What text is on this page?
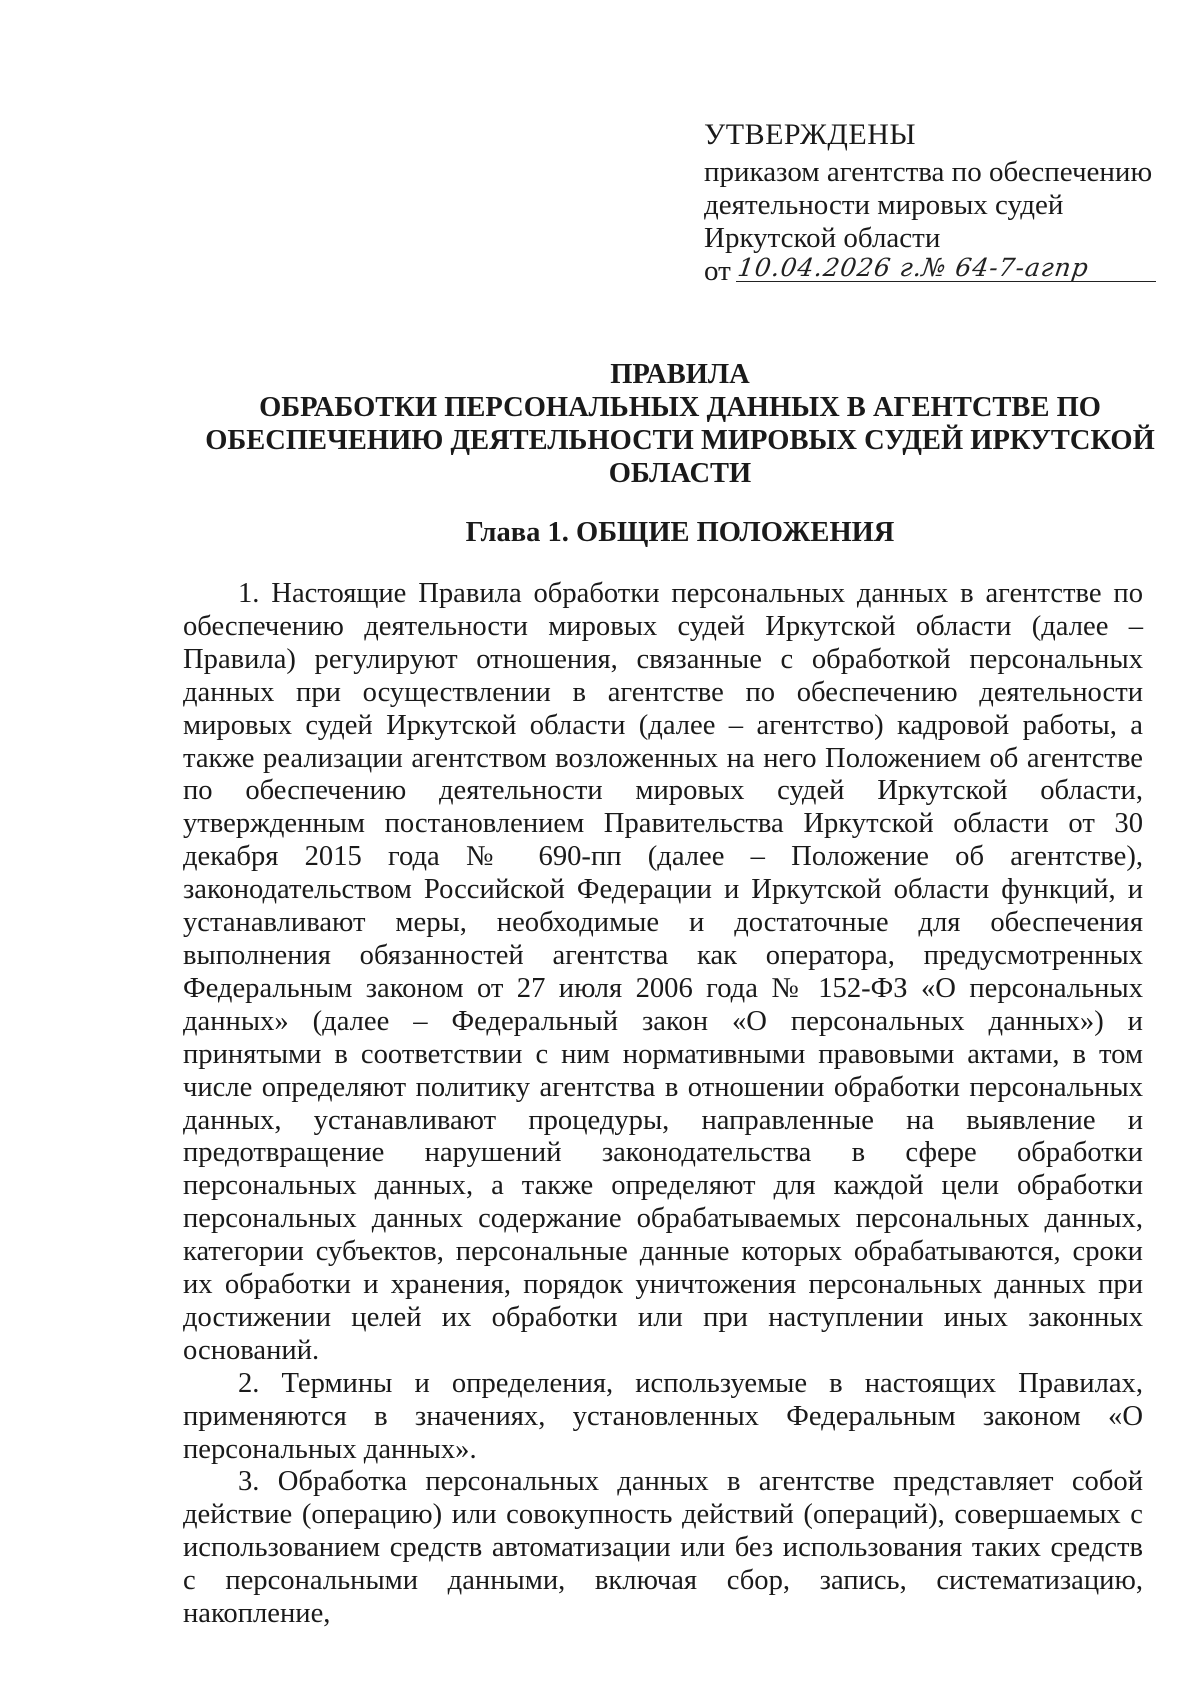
УТВЕРЖДЕНЫ
приказом агентства по обеспечению
деятельности мировых судей
Иркутской области
от 10.04.2026 г.
№ 64-7-агпр
ПРАВИЛА
ОБРАБОТКИ ПЕРСОНАЛЬНЫХ ДАННЫХ В АГЕНТСТВЕ ПО
ОБЕСПЕЧЕНИЮ ДЕЯТЕЛЬНОСТИ МИРОВЫХ СУДЕЙ ИРКУТСКОЙ
ОБЛАСТИ
Глава 1. ОБЩИЕ ПОЛОЖЕНИЯ

1. Настоящие Правила обработки персональных данных в агентстве по обеспечению деятельности мировых судей Иркутской области (далее – Правила) регулируют отношения, связанные с обработкой персональных данных при осуществлении в агентстве по обеспечению деятельности мировых судей Иркутской области (далее – агентство) кадровой работы, а также реализации агентством возложенных на него Положением об агентстве по обеспечению деятельности мировых судей Иркутской области, утвержденным постановлением Правительства Иркутской области от 30 декабря 2015 года № 690-пп (далее – Положение об агентстве), законодательством Российской Федерации и Иркутской области функций, и устанавливают меры, необходимые и достаточные для обеспечения выполнения обязанностей агентства как оператора, предусмотренных Федеральным законом от 27 июля 2006 года № 152-ФЗ «О персональных данных» (далее – Федеральный закон «О персональных данных») и принятыми в соответствии с ним нормативными правовыми актами, в том числе определяют политику агентства в отношении обработки персональных данных, устанавливают процедуры, направленные на выявление и предотвращение нарушений законодательства в сфере обработки персональных данных, а также определяют для каждой цели обработки персональных данных содержание обрабатываемых персональных данных, категории субъектов, персональные данные которых обрабатываются, сроки их обработки и хранения, порядок уничтожения персональных данных при достижении целей их обработки или при наступлении иных законных оснований.

2. Термины и определения, используемые в настоящих Правилах, применяются в значениях, установленных Федеральным законом «О персональных данных».

3. Обработка персональных данных в агентстве представляет собой действие (операцию) или совокупность действий (операций), совершаемых с использованием средств автоматизации или без использования таких средств с персональными данными, включая сбор, запись, систематизацию, накопление,
